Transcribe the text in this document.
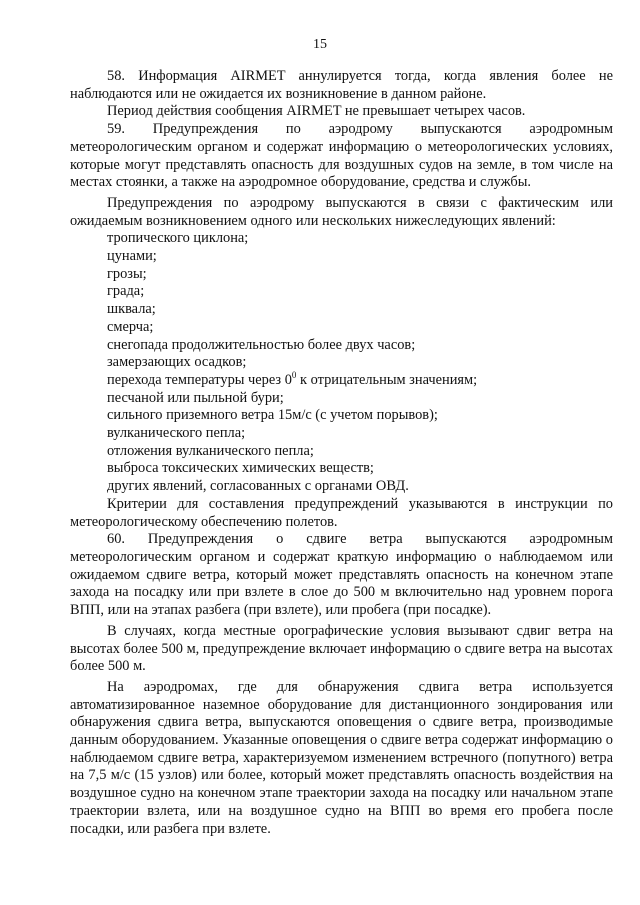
15

58. Информация AIRMET аннулируется тогда, когда явления более не наблюдаются или не ожидается их возникновение в данном районе.

Период действия сообщения AIRMET не превышает четырех часов.

59. Предупреждения по аэродрому выпускаются аэродромным метеорологическим органом и содержат информацию о метеорологических условиях, которые могут представлять опасность для воздушных судов на земле, в том числе на местах стоянки, а также на аэродромное оборудование, средства и службы.

Предупреждения по аэродрому выпускаются в связи с фактическим или ожидаемым возникновением одного или нескольких нижеследующих явлений:

тропического циклона;
цунами;
грозы;
града;
шквала;
смерча;
снегопада продолжительностью более двух часов;
замерзающих осадков;
перехода температуры через $0^0$ к отрицательным значениям;
песчаной или пыльной бури;
сильного приземного ветра 15м/с (с учетом порывов);
вулканического пепла;
отложения вулканического пепла;
выброса токсических химических веществ;
других явлений, согласованных с органами ОВД.

Критерии для составления предупреждений указываются в инструкции по метеорологическому обеспечению полетов.

60. Предупреждения о сдвиге ветра выпускаются аэродромным метеорологическим органом и содержат краткую информацию о наблюдаемом или ожидаемом сдвиге ветра, который может представлять опасность на конечном этапе захода на посадку или при взлете в слое до 500 м включительно над уровнем порога ВПП, или на этапах разбега (при взлете), или пробега (при посадке).

В случаях, когда местные орографические условия вызывают сдвиг ветра на высотах более 500 м, предупреждение включает информацию о сдвиге ветра на высотах более 500 м.

На аэродромах, где для обнаружения сдвига ветра используется автоматизированное наземное оборудование для дистанционного зондирования или обнаружения сдвига ветра, выпускаются оповещения о сдвиге ветра, производимые данным оборудованием. Указанные оповещения о сдвиге ветра содержат информацию о наблюдаемом сдвиге ветра, характеризуемом изменением встречного (попутного) ветра на 7,5 м/с (15 узлов) или более, который может представлять опасность воздействия на воздушное судно на конечном этапе траектории захода на посадку или начальном этапе траектории взлета, или на воздушное судно на ВПП во время его пробега после посадки, или разбега при взлете.
